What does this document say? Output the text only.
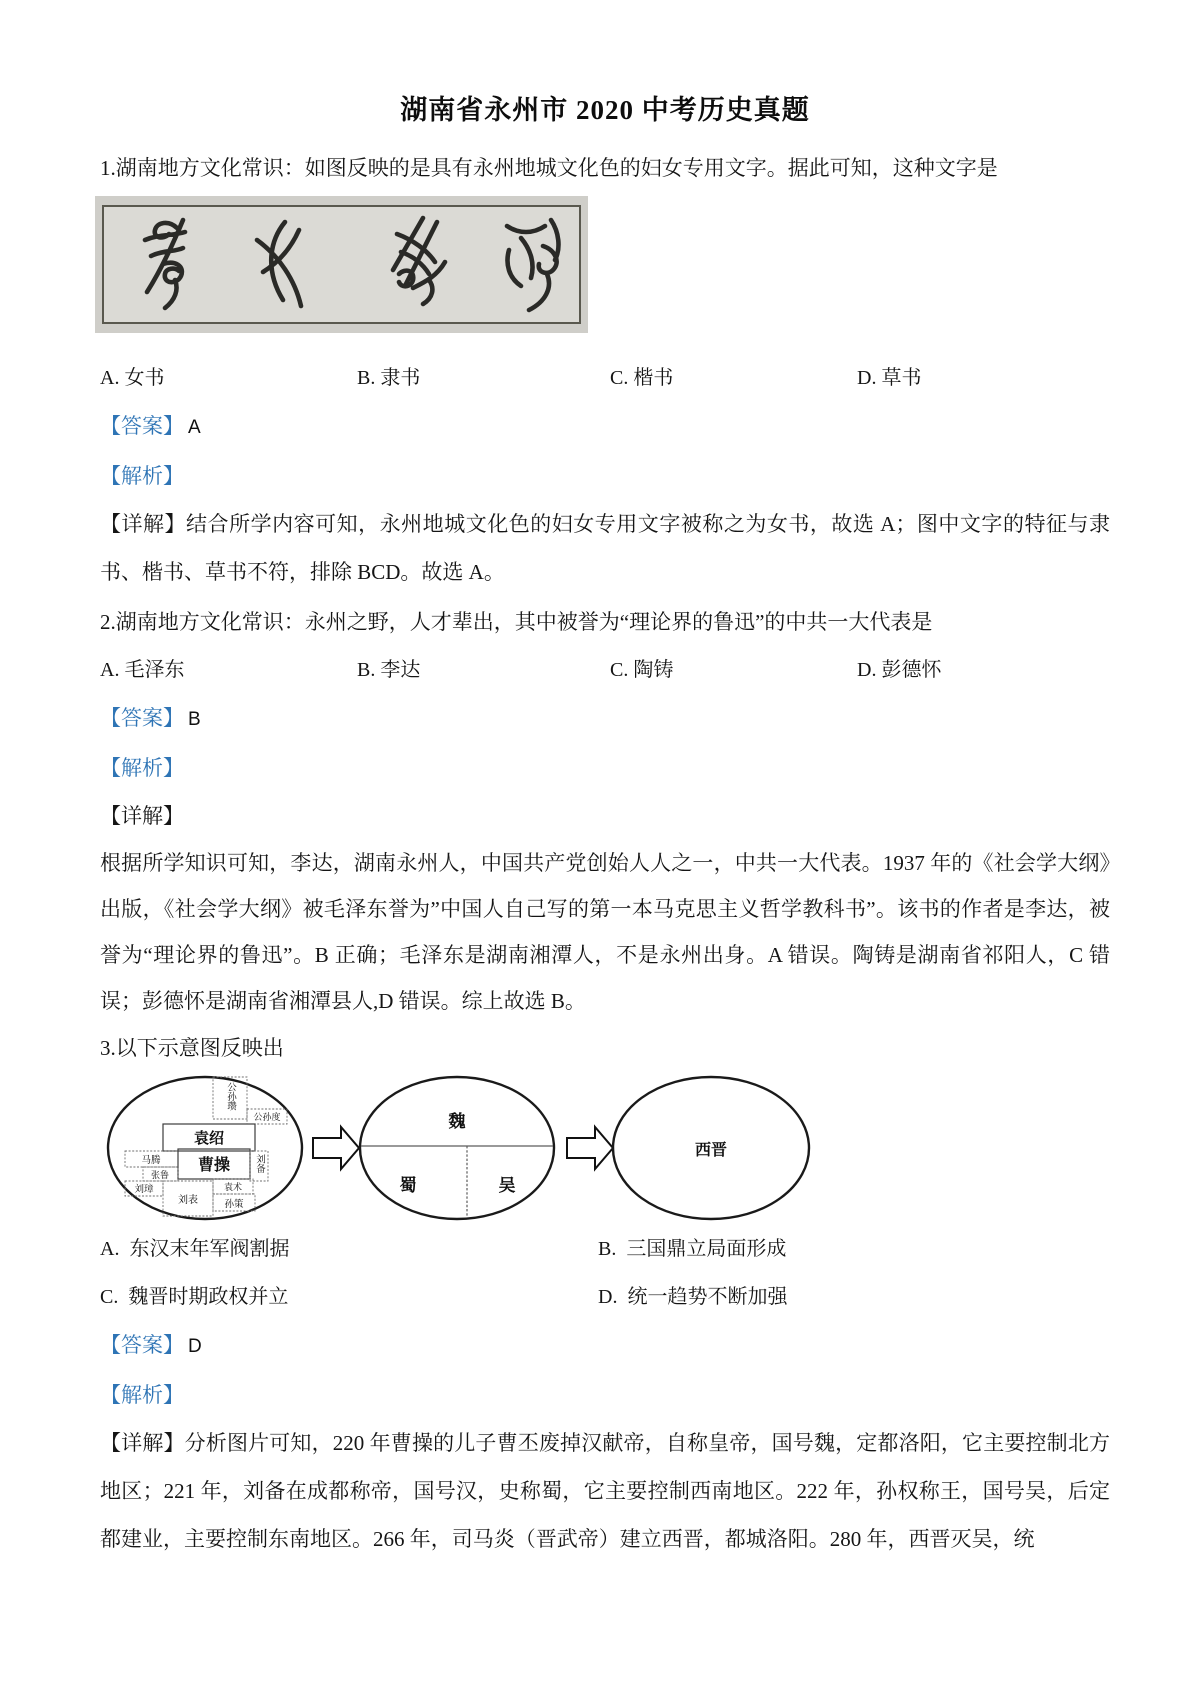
湖南省永州市 2020 中考历史真题

1.湖南地方文化常识：如图反映的是具有永州地城文化色的妇女专用文字。据此可知，这种文字是

A. 女书	B. 隶书	C. 楷书	D. 草书

【答案】 A

【解析】

【详解】结合所学内容可知，永州地城文化色的妇女专用文字被称之为女书，故选 A；图中文字的特征与隶书、楷书、草书不符，排除 BCD。故选 A。

2.湖南地方文化常识：永州之野，人才辈出，其中被誉为“理论界的鲁迅”的中共一大代表是

A. 毛泽东	B. 李达	C. 陶铸	D. 彭德怀

【答案】 B

【解析】

【详解】

根据所学知识可知，李达，湖南永州人，中国共产党创始人人之一，中共一大代表。1937 年的《社会学大纲》出版，《社会学大纲》被毛泽东誉为”中国人自己写的第一本马克思主义哲学教科书”。该书的作者是李达，被誉为“理论界的鲁迅”。B 正确；毛泽东是湖南湘潭人，不是永州出身。A 错误。陶铸是湖南省祁阳人，C 错误；彭德怀是湖南省湘潭县人,D 错误。综上故选 B。

3.以下示意图反映出

公孙瓒
公孙度
袁绍
马腾 曹操	刘备
张鲁
刘璋
刘表
袁术
孙策
魏
蜀	吴
西晋
A.  东汉末年军阀割据	B.  三国鼎立局面形成
C.  魏晋时期政权并立	D.  统一趋势不断加强

【答案】 D

【解析】

【详解】分析图片可知，220 年曹操的儿子曹丕废掉汉献帝，自称皇帝，国号魏，定都洛阳，它主要控制北方地区；221 年，刘备在成都称帝，国号汉，史称蜀，它主要控制西南地区。222 年，孙权称王，国号吴，后定都建业，主要控制东南地区。266 年，司马炎（晋武帝）建立西晋，都城洛阳。280 年，西晋灭吴，统
